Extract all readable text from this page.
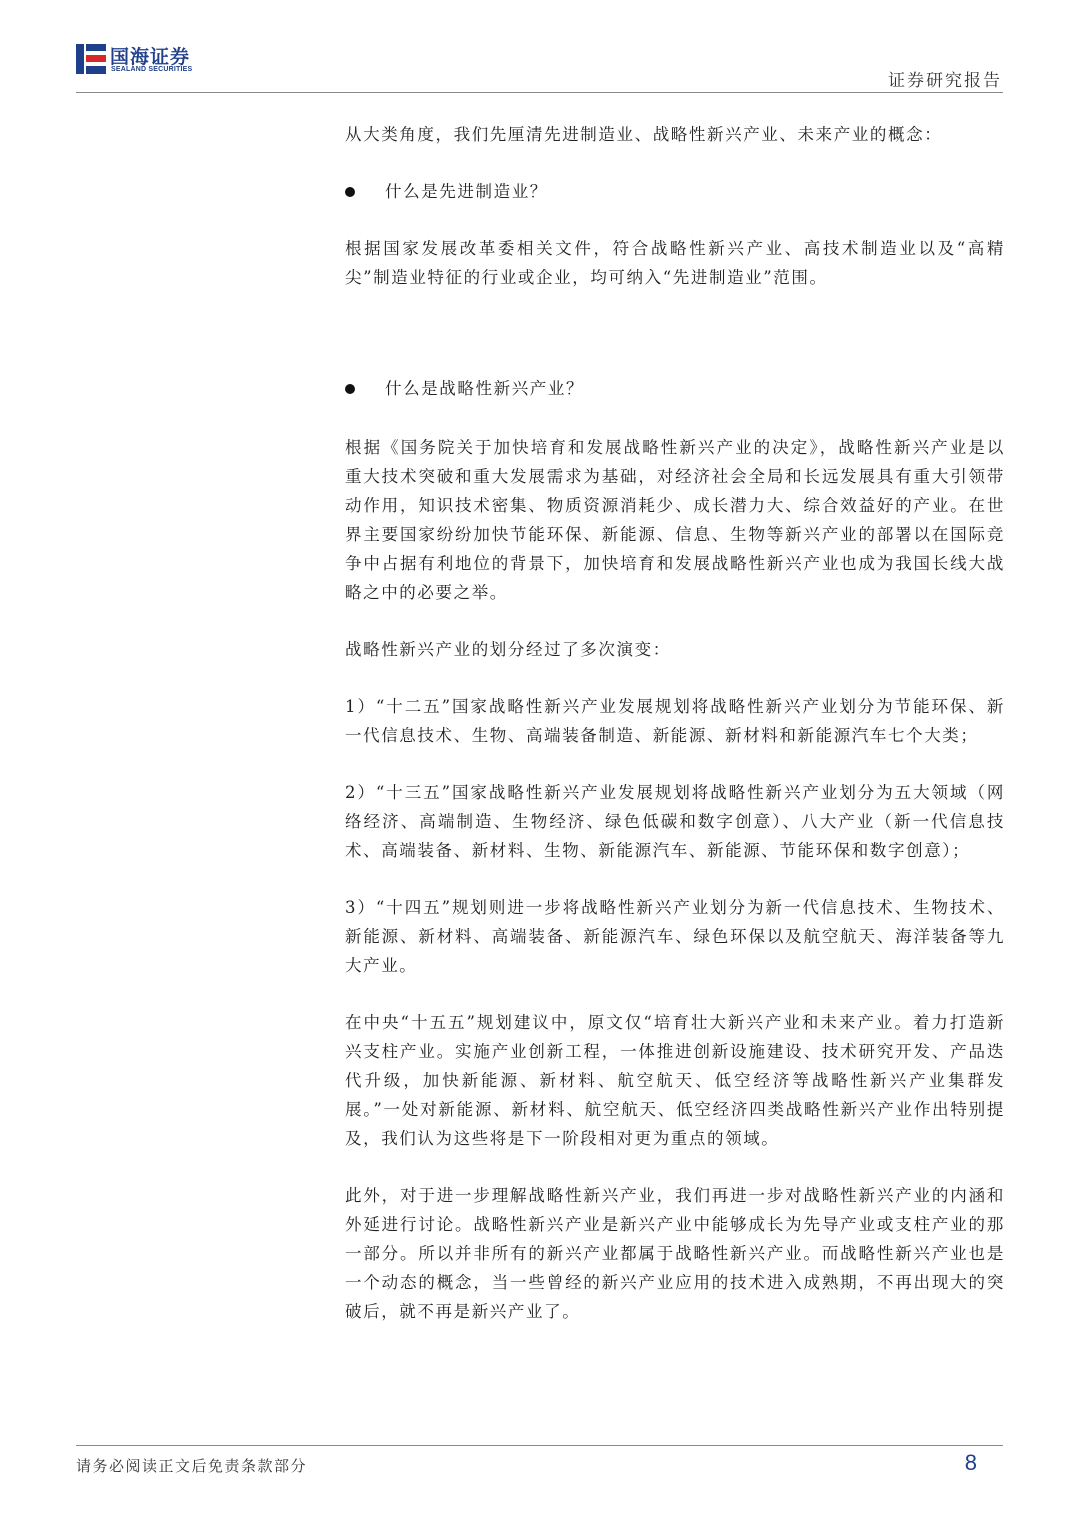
国海证券
SEALAND SECURITIES
证券研究报告

从大类角度，我们先厘清先进制造业、战略性新兴产业、未来产业的概念：

什么是先进制造业？

根据国家发展改革委相关文件，符合战略性新兴产业、高技术制造业以及“高精尖”制造业特征的行业或企业，均可纳入“先进制造业”范围。

什么是战略性新兴产业？

根据《国务院关于加快培育和发展战略性新兴产业的决定》，战略性新兴产业是以重大技术突破和重大发展需求为基础，对经济社会全局和长远发展具有重大引领带动作用，知识技术密集、物质资源消耗少、成长潜力大、综合效益好的产业。在世界主要国家纷纷加快节能环保、新能源、信息、生物等新兴产业的部署以在国际竞争中占据有利地位的背景下，加快培育和发展战略性新兴产业也成为我国长线大战略之中的必要之举。

战略性新兴产业的划分经过了多次演变：

1）“十二五”国家战略性新兴产业发展规划将战略性新兴产业划分为节能环保、新一代信息技术、生物、高端装备制造、新能源、新材料和新能源汽车七个大类；

2）“十三五”国家战略性新兴产业发展规划将战略性新兴产业划分为五大领域（网络经济、高端制造、生物经济、绿色低碳和数字创意）、八大产业（新一代信息技术、高端装备、新材料、生物、新能源汽车、新能源、节能环保和数字创意）；

3）“十四五”规划则进一步将战略性新兴产业划分为新一代信息技术、生物技术、新能源、新材料、高端装备、新能源汽车、绿色环保以及航空航天、海洋装备等九大产业。

在中央“十五五”规划建议中，原文仅“培育壮大新兴产业和未来产业。着力打造新兴支柱产业。实施产业创新工程，一体推进创新设施建设、技术研究开发、产品迭代升级，加快新能源、新材料、航空航天、低空经济等战略性新兴产业集群发展。”一处对新能源、新材料、航空航天、低空经济四类战略性新兴产业作出特别提及，我们认为这些将是下一阶段相对更为重点的领域。

此外，对于进一步理解战略性新兴产业，我们再进一步对战略性新兴产业的内涵和外延进行讨论。战略性新兴产业是新兴产业中能够成长为先导产业或支柱产业的那一部分。所以并非所有的新兴产业都属于战略性新兴产业。而战略性新兴产业也是一个动态的概念，当一些曾经的新兴产业应用的技术进入成熟期，不再出现大的突破后，就不再是新兴产业了。

请务必阅读正文后免责条款部分	8
